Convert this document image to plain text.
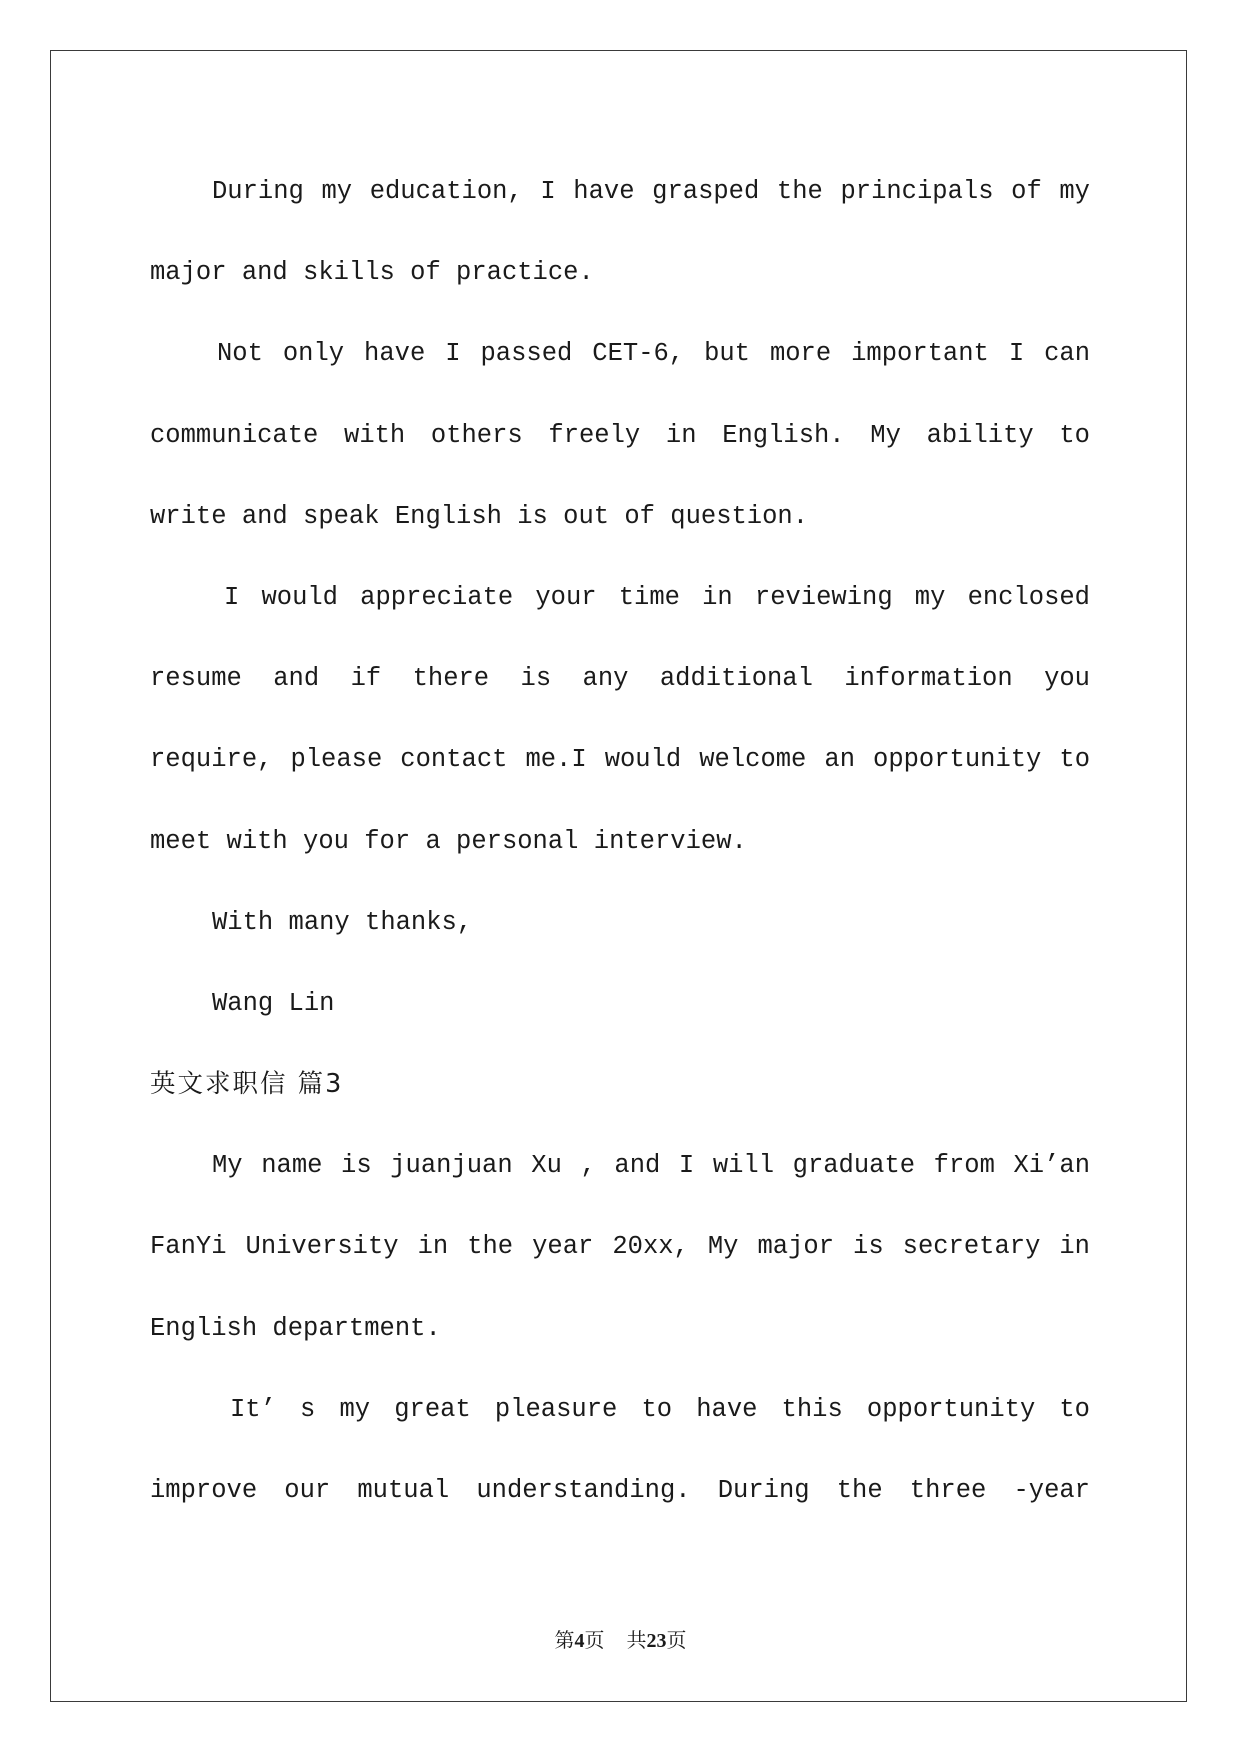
During my education, I have grasped the principals of my
major and skills of practice.
Not only have I passed CET-6, but more important I can
communicate with others freely in English. My ability to
write and speak English is out of question.
I would appreciate your time in reviewing my enclosed
resume and if there is any additional information you
require, please contact me.I would welcome an opportunity to
meet with you for a personal interview.
With many thanks,
Wang Lin
英文求职信 篇3
My name is juanjuan Xu , and I will graduate from Xi’an
FanYi University in the year 20xx, My major is secretary in
English department.
It’ s my great pleasure to have this opportunity to
improve our mutual understanding. During the three -year
第4页 共23页
